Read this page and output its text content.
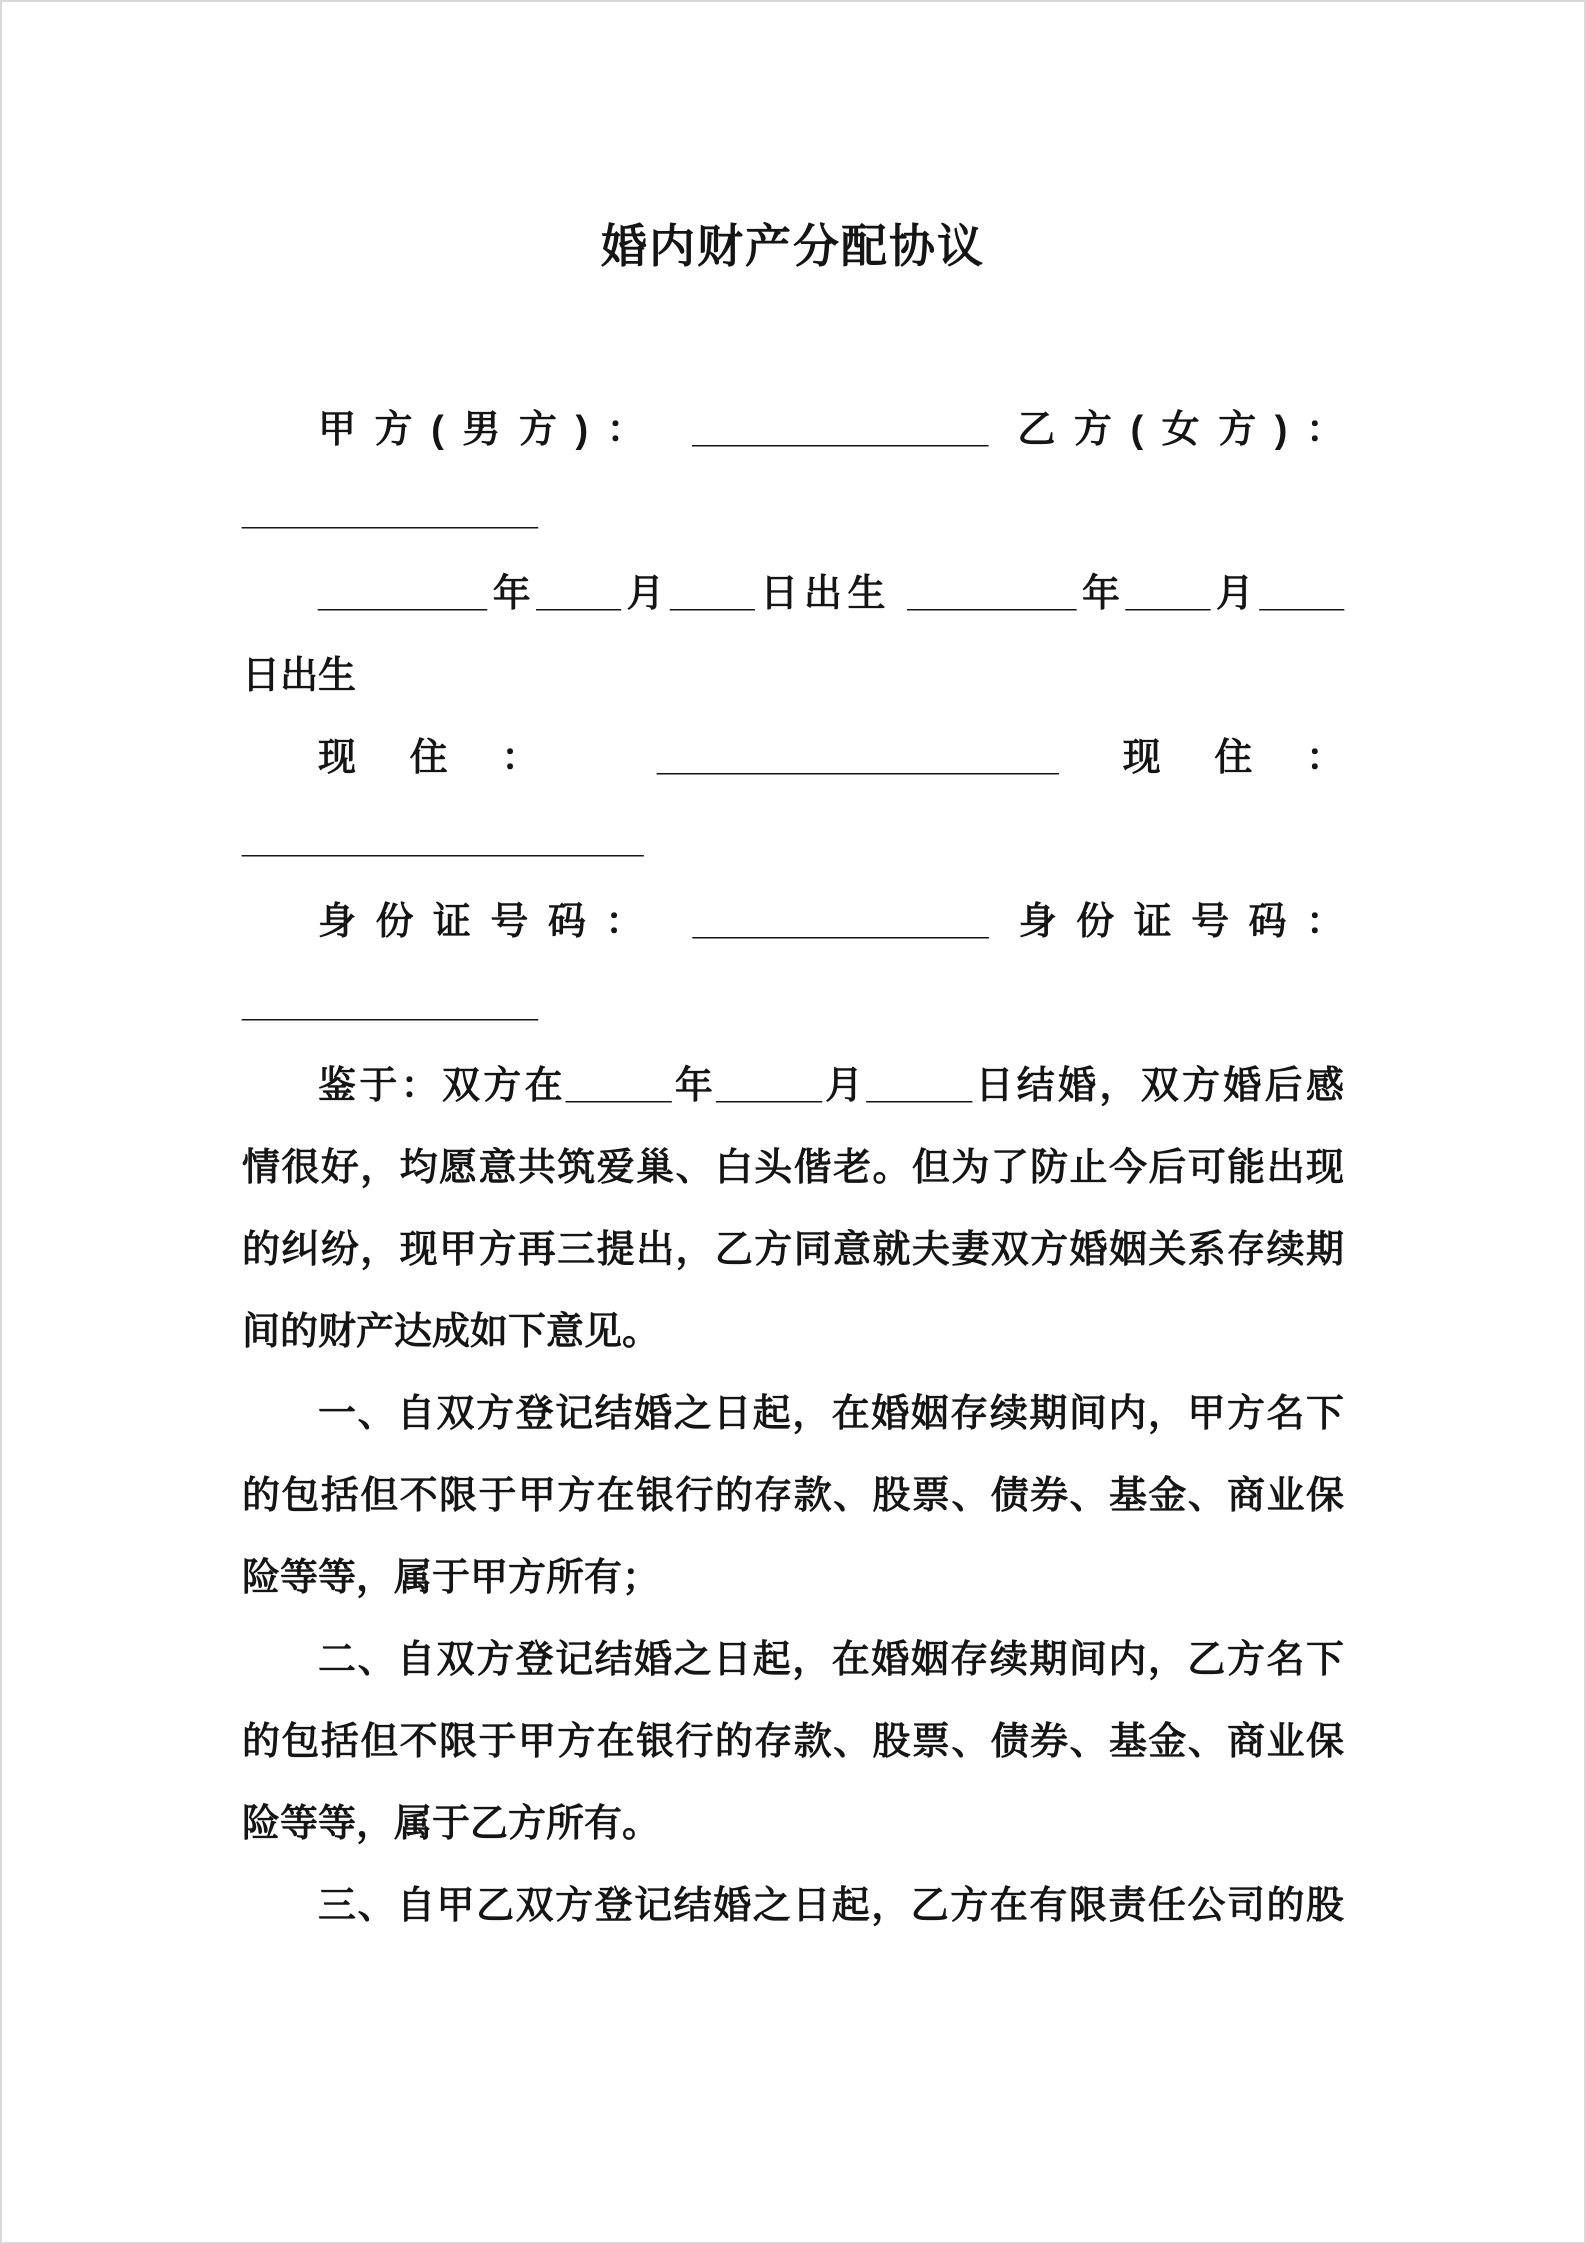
婚内财产分配协议
甲方(男方)： ______________ 乙方(女方)：
______________
________年____月____日出生 ________年____月____
日出生
现住： ___________________ 现住：
___________________
身份证号码： ______________ 身份证号码：
______________
鉴于：双方在_____年_____月_____日结婚，双方婚后感
情很好，均愿意共筑爱巢、白头偕老。但为了防止今后可能出现
的纠纷，现甲方再三提出，乙方同意就夫妻双方婚姻关系存续期
间的财产达成如下意见。
一、自双方登记结婚之日起，在婚姻存续期间内，甲方名下
的包括但不限于甲方在银行的存款、股票、债券、基金、商业保
险等等，属于甲方所有；
二、自双方登记结婚之日起，在婚姻存续期间内，乙方名下
的包括但不限于甲方在银行的存款、股票、债券、基金、商业保
险等等，属于乙方所有。
三、自甲乙双方登记结婚之日起，乙方在有限责任公司的股
